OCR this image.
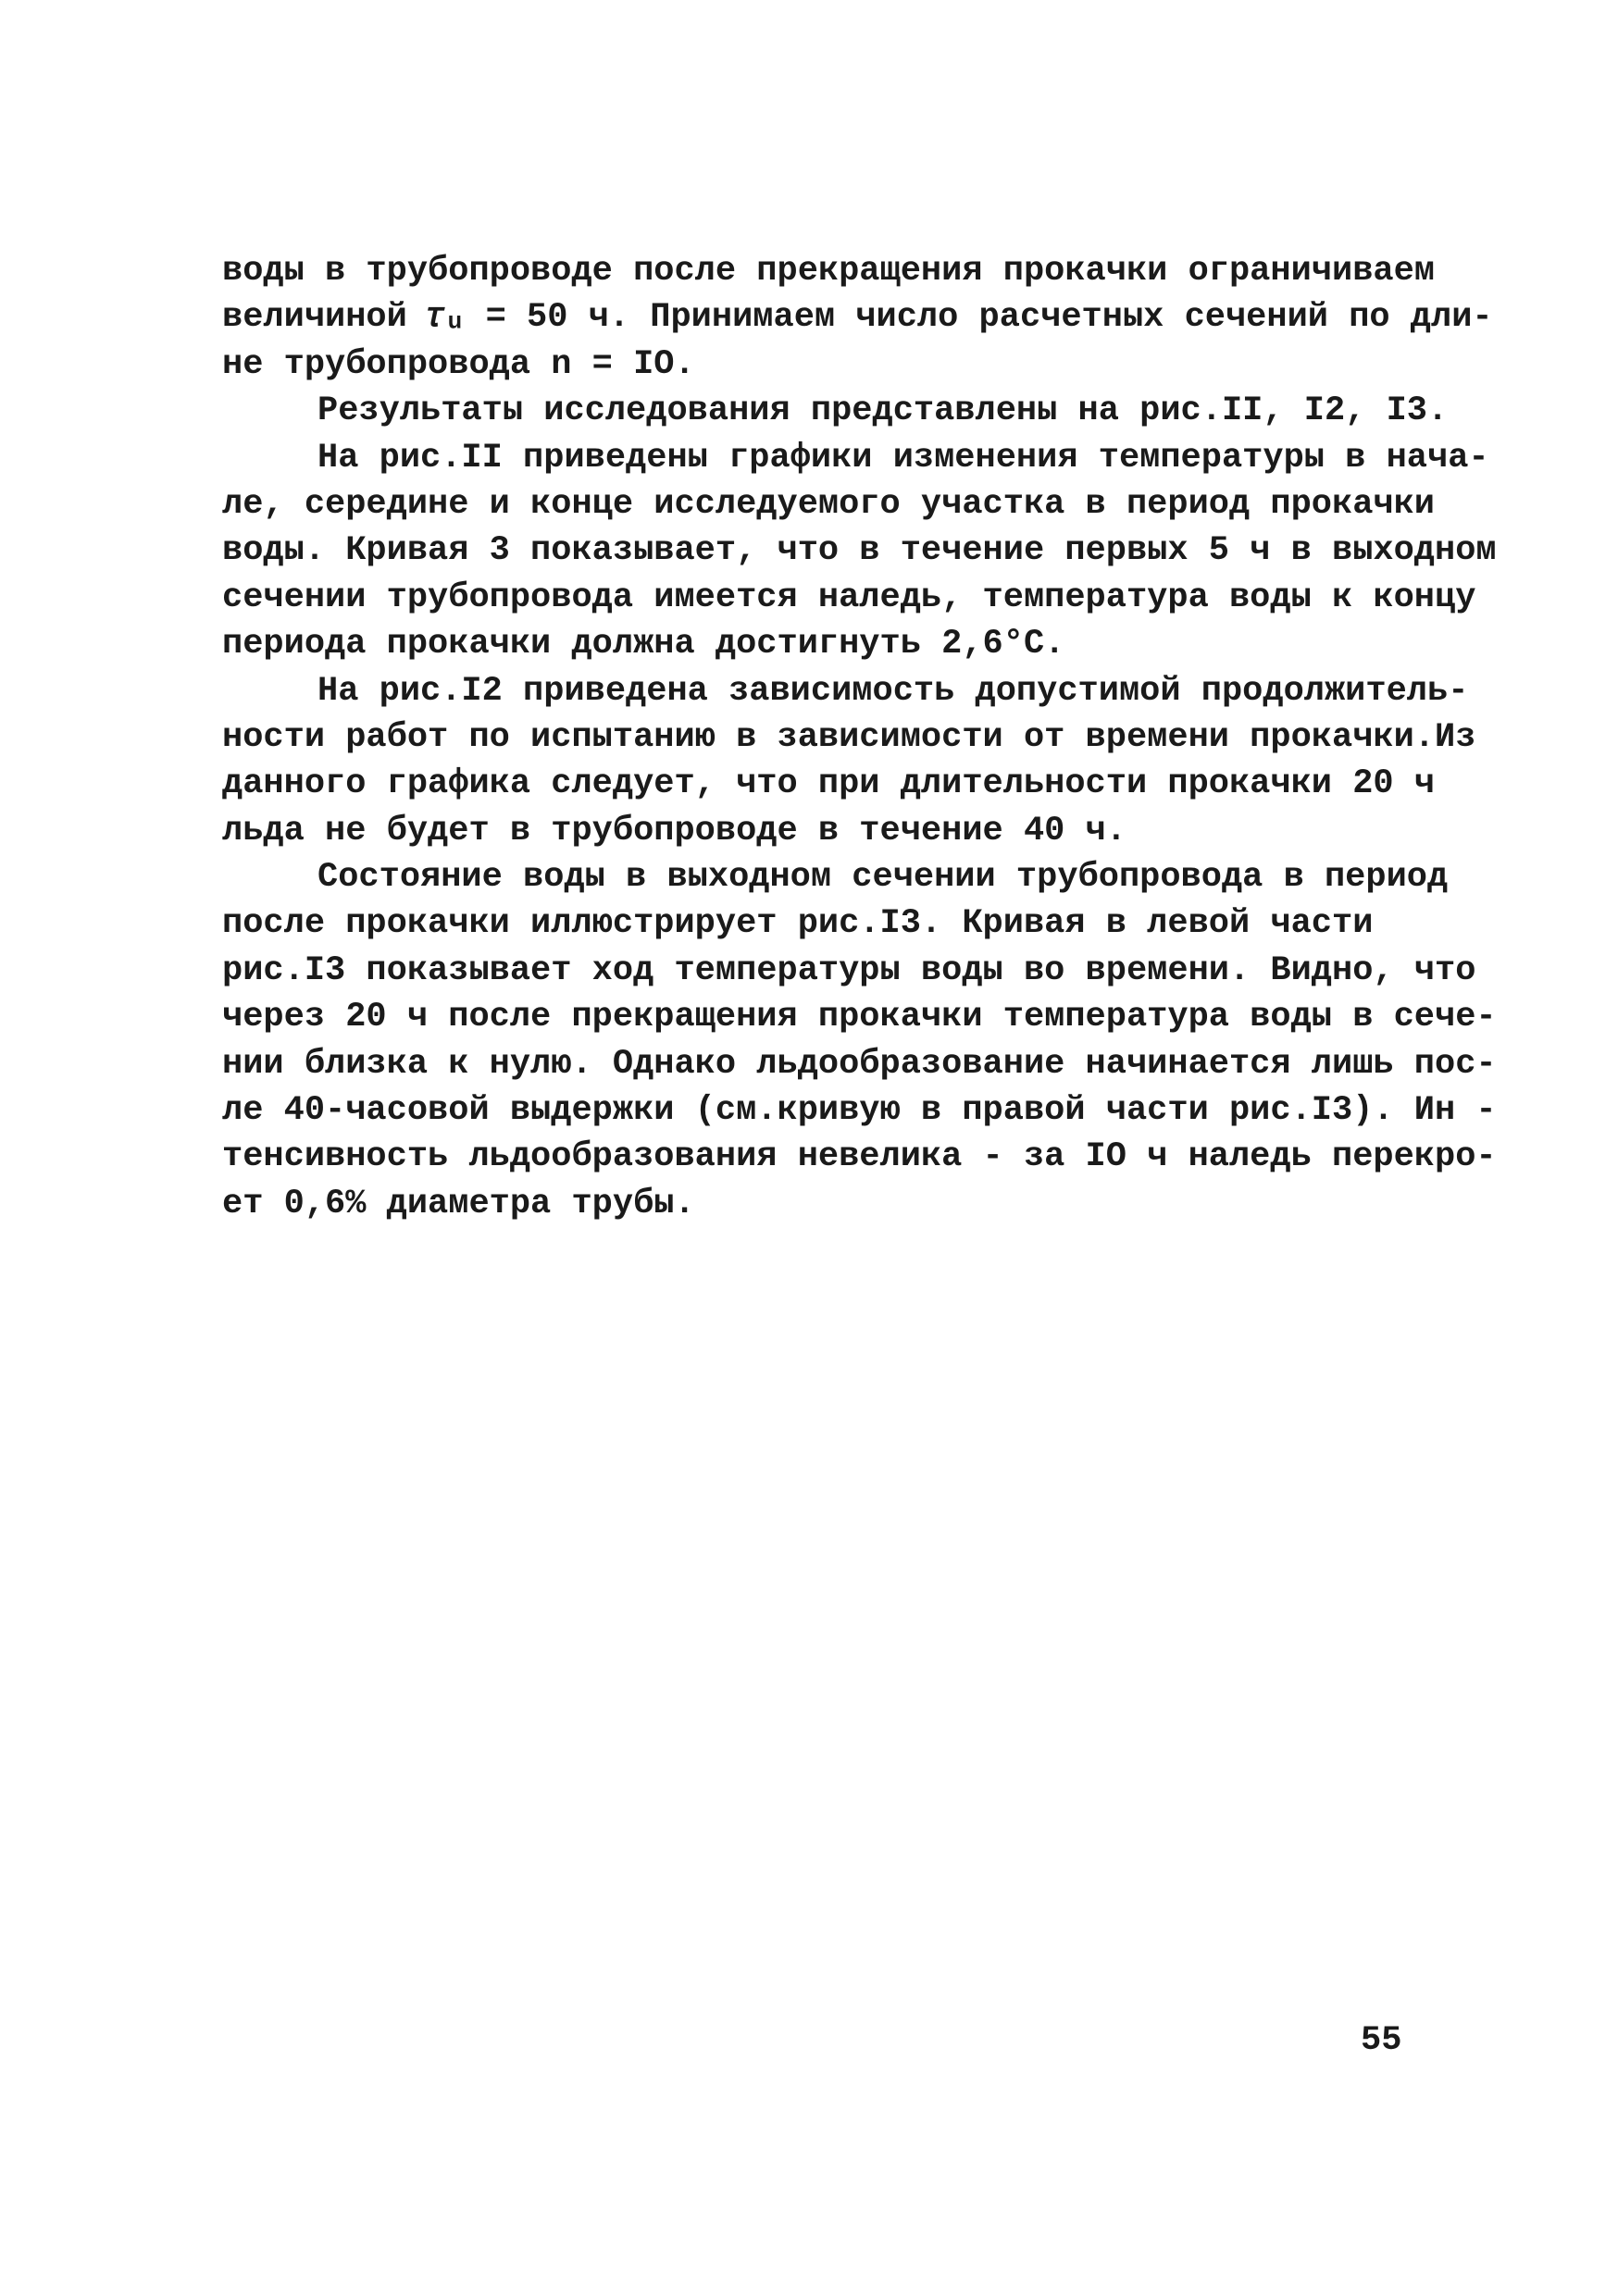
воды в трубопроводе после прекращения прокачки ограничиваем
величиной 𝜏ᵤ = 50 ч. Принимаем число расчетных сечений по дли-
не трубопровода n = IO.
Результаты исследования представлены на рис.II, I2, I3.
На рис.II приведены графики изменения температуры в нача-
ле, середине и конце исследуемого участка в период прокачки
воды. Кривая 3 показывает, что в течение первых 5 ч в выходном
сечении трубопровода имеется наледь, температура воды к концу
периода прокачки должна достигнуть 2,6°С.
На рис.I2 приведена зависимость допустимой продолжитель-
ности работ по испытанию в зависимости от времени прокачки.Из
данного графика следует, что при длительности прокачки 20 ч
льда не будет в трубопроводе в течение 40 ч.
Состояние воды в выходном сечении трубопровода в период
после прокачки иллюстрирует рис.I3. Кривая в левой части
рис.I3 показывает ход температуры воды во времени. Видно, что
через 20 ч после прекращения прокачки температура воды в сече-
нии близка к нулю. Однако льдообразование начинается лишь пос-
ле 40-часовой выдержки (см.кривую в правой части рис.I3). Ин -
тенсивность льдообразования невелика - за IO ч наледь перекро-
ет 0,6% диаметра трубы.
55
